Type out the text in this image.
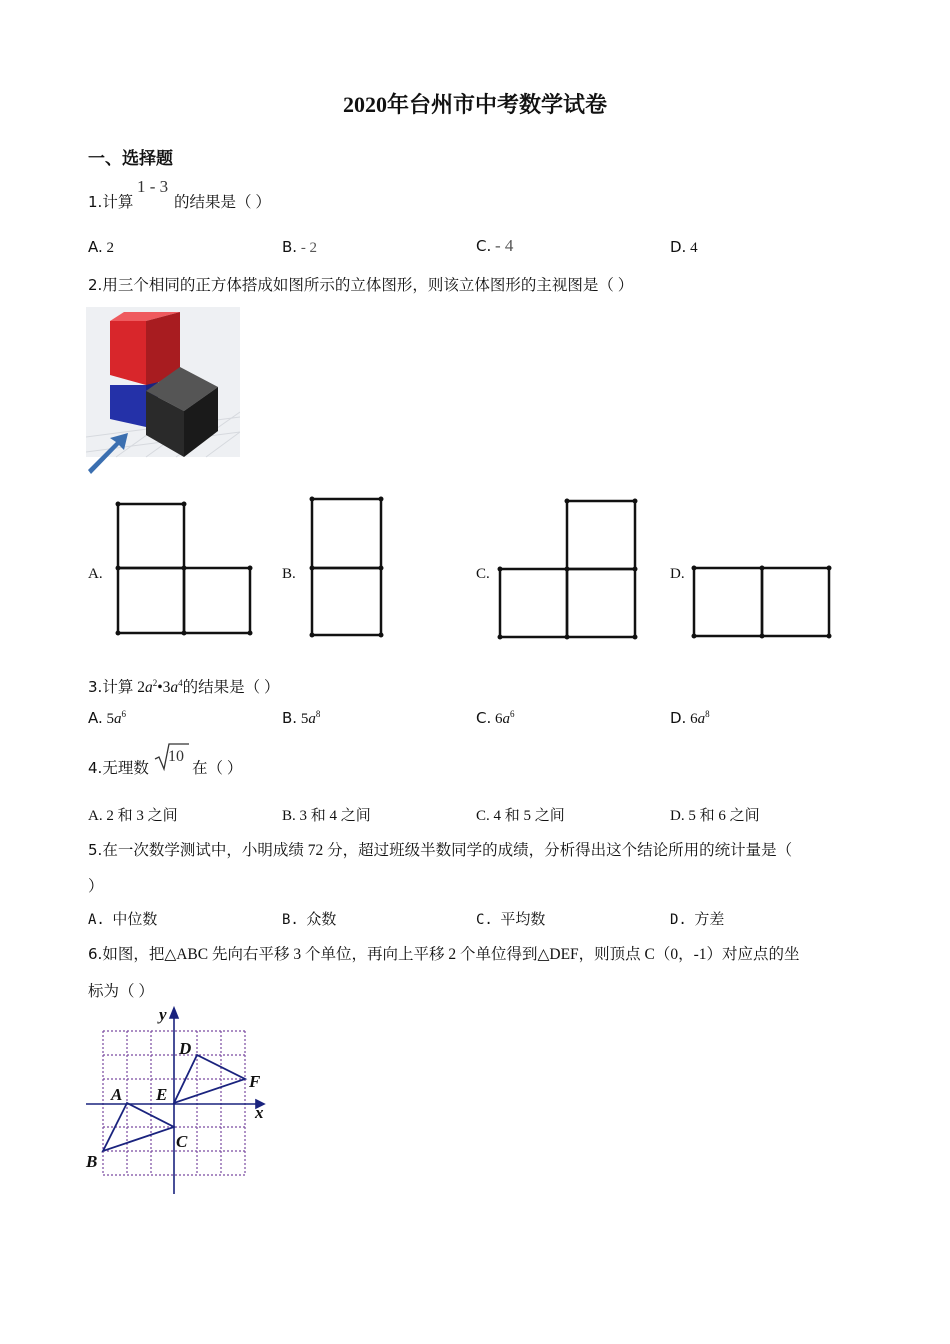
2020年台州市中考数学试卷
一、选择题
1.计算
1 - 3
的结果是（ ）
A. 2	B. - 2	C. - 4	D. 4
2.用三个相同的正方体搭成如图所示的立体图形，则该立体图形的主视图是（ ）
A.	B.	C.	D.
3.计算 $2a^2•3a^4$的结果是（ ）
A. $5a^6$	B. $5a^8$	C. $6a^6$	D. $6a^8$
4.无理数
10
在（ ）
A. 2 和 3 之间	B. 3 和 4 之间	C. 4 和 5 之间	D. 5 和 6 之间
5.在一次数学测试中，小明成绩 72 分，超过班级半数同学的成绩，分析得出这个结论所用的统计量是（
）
A. 中位数	B. 众数	C. 平均数	D. 方差
6.如图，把△ABC 先向右平移 3 个单位，再向上平移 2 个单位得到△DEF，则顶点 C（0，-1）对应点的坐
标为（ ）
y
x
A
B
C
D
E
F
